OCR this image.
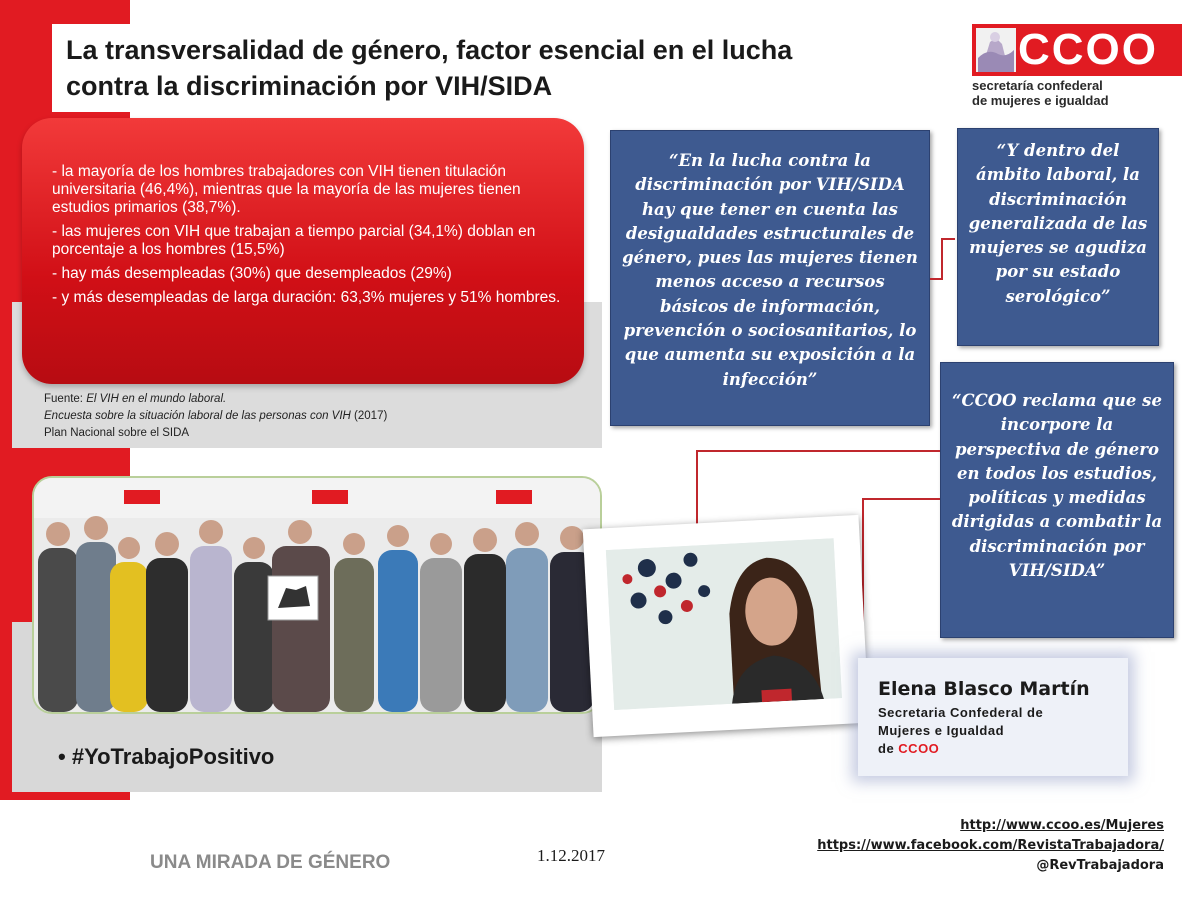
La transversalidad de género, factor esencial en el lucha contra la discriminación por VIH/SIDA
CCOO

secretaría confederal
de mujeres e igualdad

- la mayoría de los hombres trabajadores con VIH tienen titulación universitaria (46,4%), mientras que la mayoría de las mujeres tienen estudios primarios (38,7%).
- las mujeres con VIH que trabajan a tiempo parcial (34,1%) doblan en porcentaje a los hombres (15,5%)
- hay más desempleadas (30%) que desempleados (29%)
- y más desempleadas de larga duración: 63,3% mujeres y 51% hombres.

Fuente: El VIH en el mundo laboral.
Encuesta sobre la situación laboral de las personas con VIH (2017)
Plan Nacional sobre el SIDA

• #YoTrabajoPositivo

“En la lucha contra la discriminación por VIH/SIDA hay que tener en cuenta las desigualdades estructurales de género, pues las mujeres tienen menos acceso a recursos básicos de información, prevención o sociosanitarios, lo que aumenta su exposición a la infección”

“Y dentro del ámbito laboral, la discriminación generalizada de las mujeres se agudiza por su estado serológico”

“CCOO reclama que se incorpore la perspectiva de género en todos los estudios, políticas y medidas dirigidas a combatir la discriminación por VIH/SIDA”

Elena Blasco Martín

Secretaria Confederal de
Mujeres e Igualdad
de CCOO

UNA MIRADA DE GÉNERO	1.12.2017

http://www.ccoo.es/Mujeres
https://www.facebook.com/RevistaTrabajadora/
@RevTrabajadora
